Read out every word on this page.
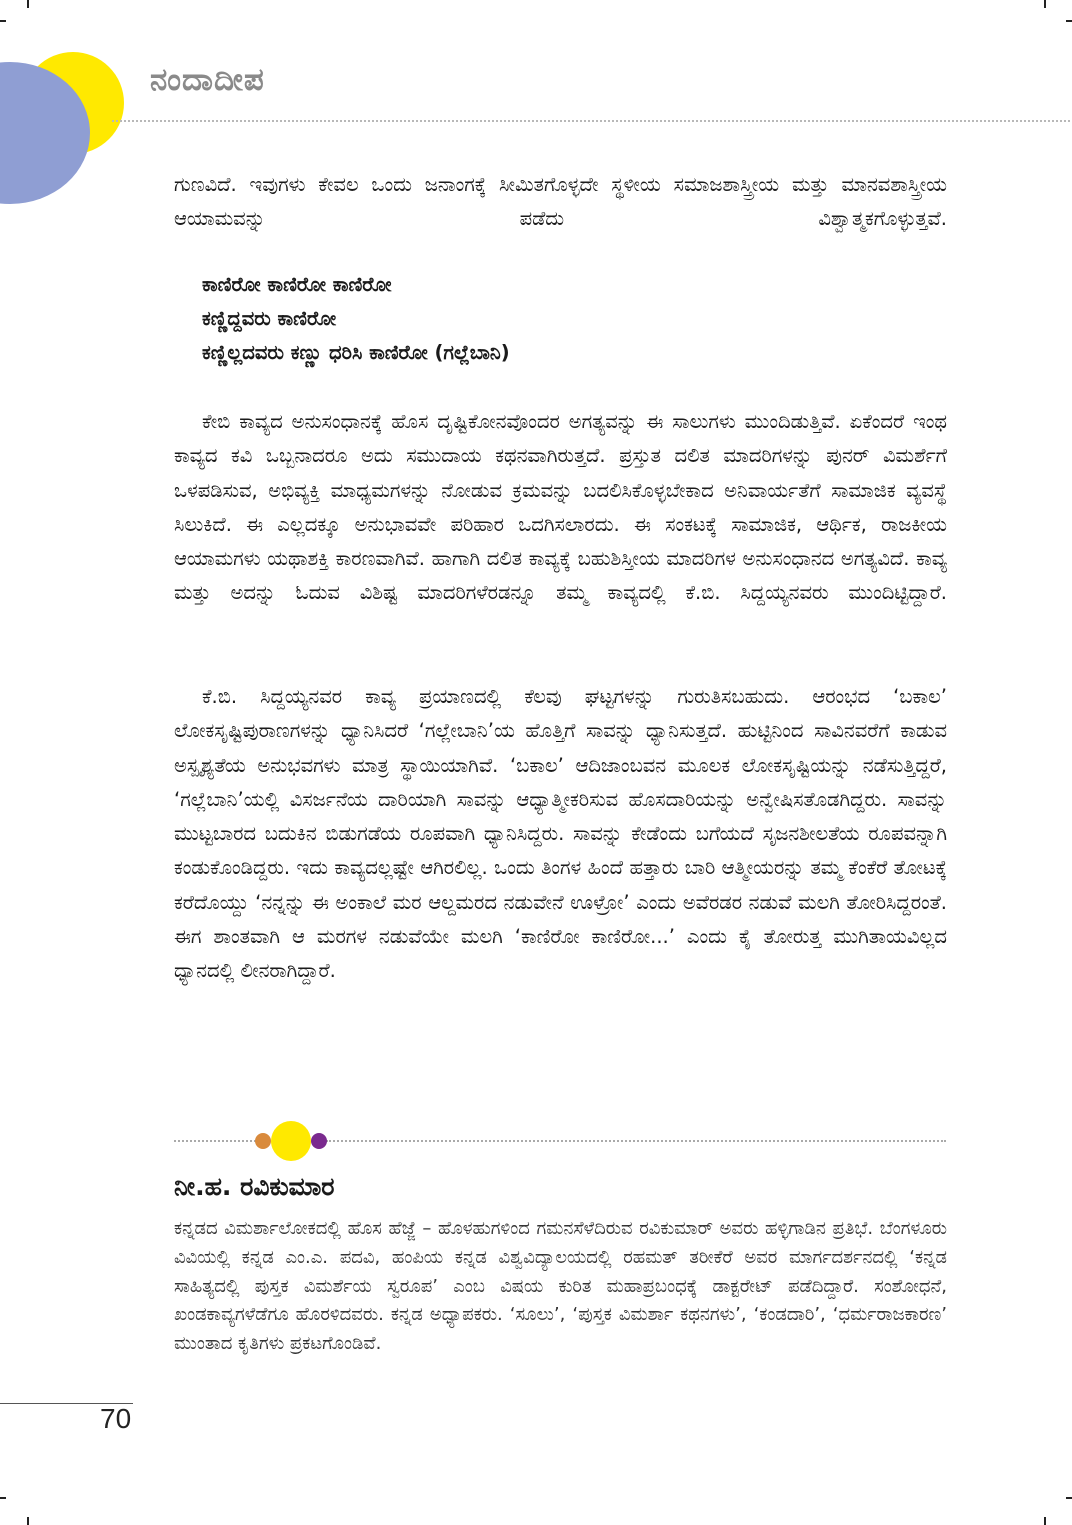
ನಂದಾದೀಪ

ಗುಣವಿದೆ. ಇವುಗಳು ಕೇವಲ ಒಂದು ಜನಾಂಗಕ್ಕೆ ಸೀಮಿತಗೊಳ್ಳದೇ ಸ್ಥಳೀಯ ಸಮಾಜಶಾಸ್ತ್ರೀಯ ಮತ್ತು ಮಾನವಶಾಸ್ತ್ರೀಯ ಆಯಾಮವನ್ನು ಪಡೆದು ವಿಶ್ವಾತ್ಮಕಗೊಳ್ಳುತ್ತವೆ.

ಕಾಣಿರೋ ಕಾಣಿರೋ ಕಾಣಿರೋ
ಕಣ್ಣಿದ್ದವರು ಕಾಣಿರೋ
ಕಣ್ಣಿಲ್ಲದವರು ಕಣ್ಣು ಧರಿಸಿ ಕಾಣಿರೋ (ಗಲ್ಲೆಬಾನಿ)

ಕೇಬಿ ಕಾವ್ಯದ ಅನುಸಂಧಾನಕ್ಕೆ ಹೊಸ ದೃಷ್ಟಿಕೋನವೊಂದರ ಅಗತ್ಯವನ್ನು ಈ ಸಾಲುಗಳು ಮುಂದಿಡುತ್ತಿವೆ. ಏಕೆಂದರೆ ಇಂಥ ಕಾವ್ಯದ ಕವಿ ಒಬ್ಬನಾದರೂ ಅದು ಸಮುದಾಯ ಕಥನವಾಗಿರುತ್ತದೆ. ಪ್ರಸ್ತುತ ದಲಿತ ಮಾದರಿಗಳನ್ನು ಪುನರ್ ವಿಮರ್ಶೆಗೆ ಒಳಪಡಿಸುವ, ಅಭಿವ್ಯಕ್ತಿ ಮಾಧ್ಯಮಗಳನ್ನು ನೋಡುವ ಕ್ರಮವನ್ನು ಬದಲಿಸಿಕೊಳ್ಳಬೇಕಾದ ಅನಿವಾರ್ಯತೆಗೆ ಸಾಮಾಜಿಕ ವ್ಯವಸ್ಥೆ ಸಿಲುಕಿದೆ. ಈ ಎಲ್ಲದಕ್ಕೂ ಅನುಭಾವವೇ ಪರಿಹಾರ ಒದಗಿಸಲಾರದು. ಈ ಸಂಕಟಕ್ಕೆ ಸಾಮಾಜಿಕ, ಆರ್ಥಿಕ, ರಾಜಕೀಯ ಆಯಾಮಗಳು ಯಥಾಶಕ್ತಿ ಕಾರಣವಾಗಿವೆ. ಹಾಗಾಗಿ ದಲಿತ ಕಾವ್ಯಕ್ಕೆ ಬಹುಶಿಸ್ತೀಯ ಮಾದರಿಗಳ ಅನುಸಂಧಾನದ ಅಗತ್ಯವಿದೆ. ಕಾವ್ಯ ಮತ್ತು ಅದನ್ನು ಓದುವ ವಿಶಿಷ್ಟ ಮಾದರಿಗಳೆರಡನ್ನೂ ತಮ್ಮ ಕಾವ್ಯದಲ್ಲಿ ಕೆ.ಬಿ. ಸಿದ್ದಯ್ಯನವರು ಮುಂದಿಟ್ಟಿದ್ದಾರೆ.

ಕೆ.ಬಿ. ಸಿದ್ದಯ್ಯನವರ ಕಾವ್ಯ ಪ್ರಯಾಣದಲ್ಲಿ ಕೆಲವು ಘಟ್ಟಗಳನ್ನು ಗುರುತಿಸಬಹುದು. ಆರಂಭದ ‘ಬಕಾಲ’ ಲೋಕಸೃಷ್ಟಿಪುರಾಣಗಳನ್ನು ಧ್ಯಾನಿಸಿದರೆ ‘ಗಲ್ಲೇಬಾನಿ’ಯ ಹೊತ್ತಿಗೆ ಸಾವನ್ನು ಧ್ಯಾನಿಸುತ್ತದೆ. ಹುಟ್ಟಿನಿಂದ ಸಾವಿನವರೆಗೆ ಕಾಡುವ ಅಸ್ಪೃಶ್ಯತೆಯ ಅನುಭವಗಳು ಮಾತ್ರ ಸ್ಥಾಯಿಯಾಗಿವೆ. ‘ಬಕಾಲ’ ಆದಿಜಾಂಬವನ ಮೂಲಕ ಲೋಕಸೃಷ್ಟಿಯನ್ನು ನಡೆಸುತ್ತಿದ್ದರೆ, ‘ಗಲ್ಲೆಬಾನಿ’ಯಲ್ಲಿ ವಿಸರ್ಜನೆಯ ದಾರಿಯಾಗಿ ಸಾವನ್ನು ಆಧ್ಯಾತ್ಮೀಕರಿಸುವ ಹೊಸದಾರಿಯನ್ನು ಅನ್ವೇಷಿಸತೊಡಗಿದ್ದರು. ಸಾವನ್ನು ಮುಟ್ಟಬಾರದ ಬದುಕಿನ ಬಿಡುಗಡೆಯ ರೂಪವಾಗಿ ಧ್ಯಾನಿಸಿದ್ದರು. ಸಾವನ್ನು ಕೇಡೆಂದು ಬಗೆಯದೆ ಸೃಜನಶೀಲತೆಯ ರೂಪವನ್ನಾಗಿ ಕಂಡುಕೊಂಡಿದ್ದರು. ಇದು ಕಾವ್ಯದಲ್ಲಷ್ಟೇ ಆಗಿರಲಿಲ್ಲ. ಒಂದು ತಿಂಗಳ ಹಿಂದೆ ಹತ್ತಾರು ಬಾರಿ ಆತ್ಮೀಯರನ್ನು ತಮ್ಮ ಕೆಂಕೆರೆ ತೋಟಕ್ಕೆ ಕರೆದೊಯ್ದು ‘ನನ್ನನ್ನು ಈ ಅಂಕಾಲೆ ಮರ ಆಲ್ದಮರದ ನಡುವೇನೆ ಊಳ್ರೋ’ ಎಂದು ಅವೆರಡರ ನಡುವೆ ಮಲಗಿ ತೋರಿಸಿದ್ದರಂತೆ. ಈಗ ಶಾಂತವಾಗಿ ಆ ಮರಗಳ ನಡುವೆಯೇ ಮಲಗಿ ‘ಕಾಣಿರೋ ಕಾಣಿರೋ...’ ಎಂದು ಕೈ ತೋರುತ್ತ ಮುಗಿತಾಯವಿಲ್ಲದ ಧ್ಯಾನದಲ್ಲಿ ಲೀನರಾಗಿದ್ದಾರೆ.

ನೀ.ಹ. ರವಿಕುಮಾರ

ಕನ್ನಡದ ವಿಮರ್ಶಾಲೋಕದಲ್ಲಿ ಹೊಸ ಹೆಜ್ಜೆ – ಹೊಳಹುಗಳಿಂದ ಗಮನಸೆಳೆದಿರುವ ರವಿಕುಮಾರ್ ಅವರು ಹಳ್ಳಿಗಾಡಿನ ಪ್ರತಿಭೆ. ಬೆಂಗಳೂರು ವಿವಿಯಲ್ಲಿ ಕನ್ನಡ ಎಂ.ಎ. ಪದವಿ, ಹಂಪಿಯ ಕನ್ನಡ ವಿಶ್ವವಿದ್ಯಾಲಯದಲ್ಲಿ ರಹಮತ್ ತರೀಕೆರೆ ಅವರ ಮಾರ್ಗದರ್ಶನದಲ್ಲಿ ‘ಕನ್ನಡ ಸಾಹಿತ್ಯದಲ್ಲಿ ಪುಸ್ತಕ ವಿಮರ್ಶೆಯ ಸ್ವರೂಪ’ ಎಂಬ ವಿಷಯ ಕುರಿತ ಮಹಾಪ್ರಬಂಧಕ್ಕೆ ಡಾಕ್ಟರೇಟ್ ಪಡೆದಿದ್ದಾರೆ. ಸಂಶೋಧನೆ, ಖಂಡಕಾವ್ಯಗಳೆಡೆಗೂ ಹೊರಳಿದವರು. ಕನ್ನಡ ಅಧ್ಯಾಪಕರು. ‘ಸೂಲು’, ‘ಪುಸ್ತಕ ವಿಮರ್ಶಾ ಕಥನಗಳು’, ‘ಕಂಡದಾರಿ’, ‘ಧರ್ಮರಾಜಕಾರಣ’ ಮುಂತಾದ ಕೃತಿಗಳು ಪ್ರಕಟಗೊಂಡಿವೆ.

70
